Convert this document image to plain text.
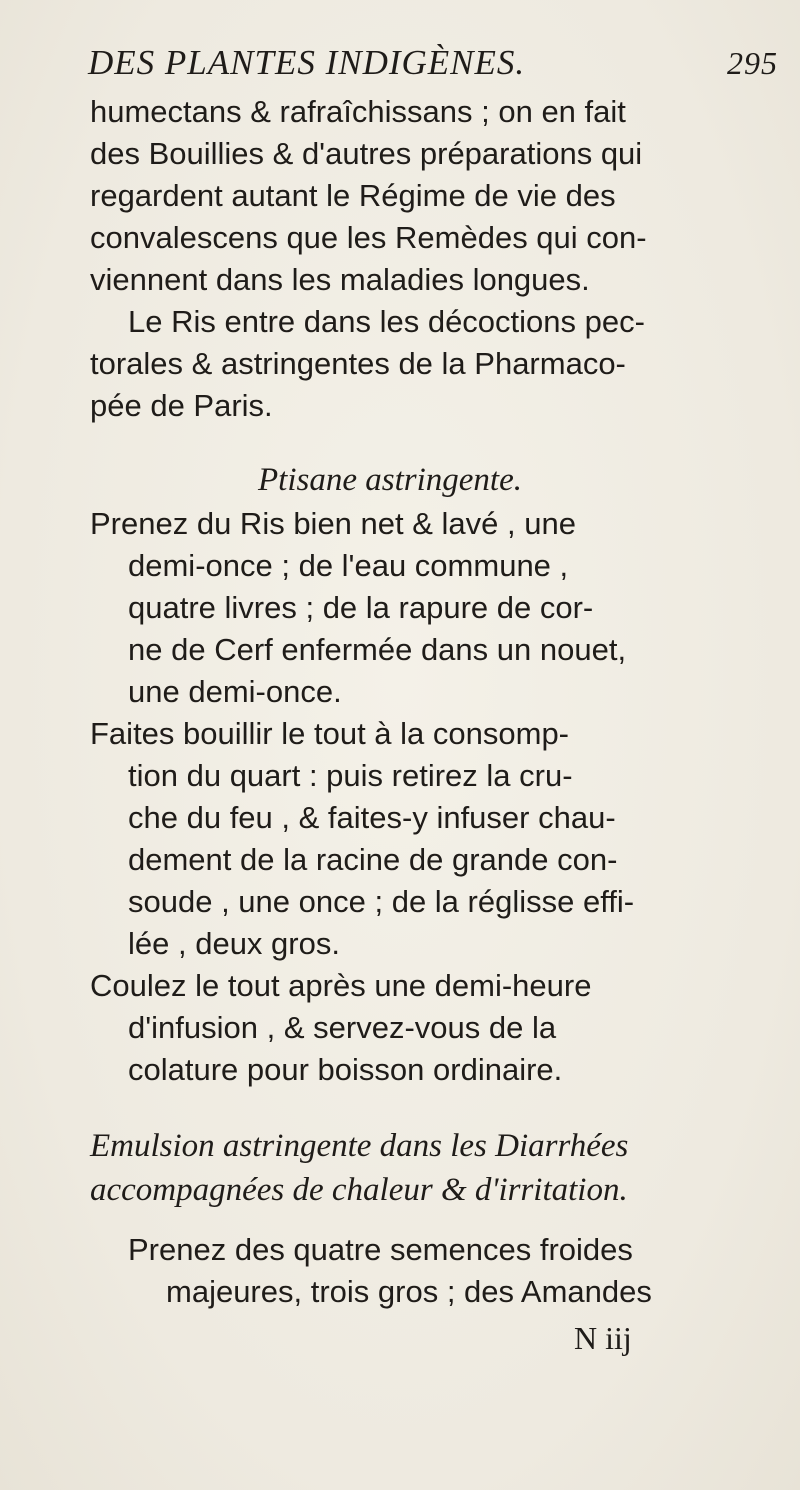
DES PLANTES INDIGÈNES.	295
humectans & rafraîchissans ; on en fait
des Bouillies & d'autres préparations qui
regardent autant le Régime de vie des
convalescens que les Remèdes qui con-
viennent dans les maladies longues.
Le Ris entre dans les décoctions pec-
torales & astringentes de la Pharmaco-
pée de Paris.
Ptisane astringente.
Prenez du Ris bien net & lavé , une
demi-once ; de l'eau commune ,
quatre livres ; de la rapure de cor-
ne de Cerf enfermée dans un nouet,
une demi-once.
Faites bouillir le tout à la consomp-
tion du quart : puis retirez la cru-
che du feu , & faites-y infuser chau-
dement de la racine de grande con-
soude , une once ; de la réglisse effi-
lée , deux gros.
Coulez le tout après une demi-heure
d'infusion , & servez-vous de la
colature pour boisson ordinaire.
Emulsion astringente dans les Diarrhées
accompagnées de chaleur & d'irritation.
Prenez des quatre semences froides
majeures, trois gros ; des Amandes
N iij
